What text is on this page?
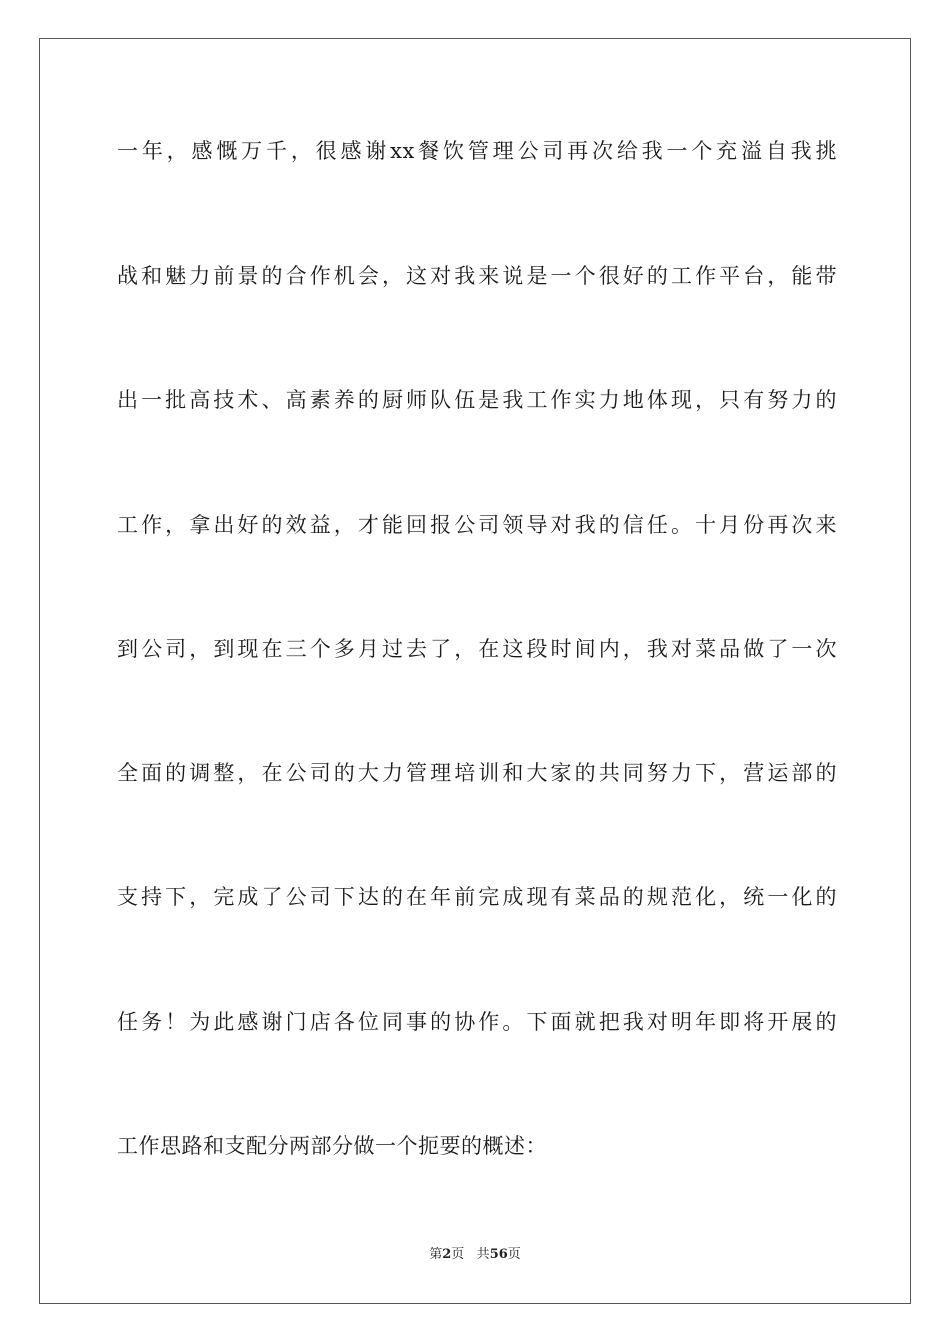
一年，感慨万千，很感谢xx餐饮管理公司再次给我一个充溢自我挑
战和魅力前景的合作机会，这对我来说是一个很好的工作平台，能带
出一批高技术、高素养的厨师队伍是我工作实力地体现，只有努力的
工作，拿出好的效益，才能回报公司领导对我的信任。十月份再次来
到公司，到现在三个多月过去了，在这段时间内，我对菜品做了一次
全面的调整，在公司的大力管理培训和大家的共同努力下，营运部的
支持下，完成了公司下达的在年前完成现有菜品的规范化，统一化的
任务！为此感谢门店各位同事的协作。下面就把我对明年即将开展的
工作思路和支配分两部分做一个扼要的概述：
第2页 共56页
